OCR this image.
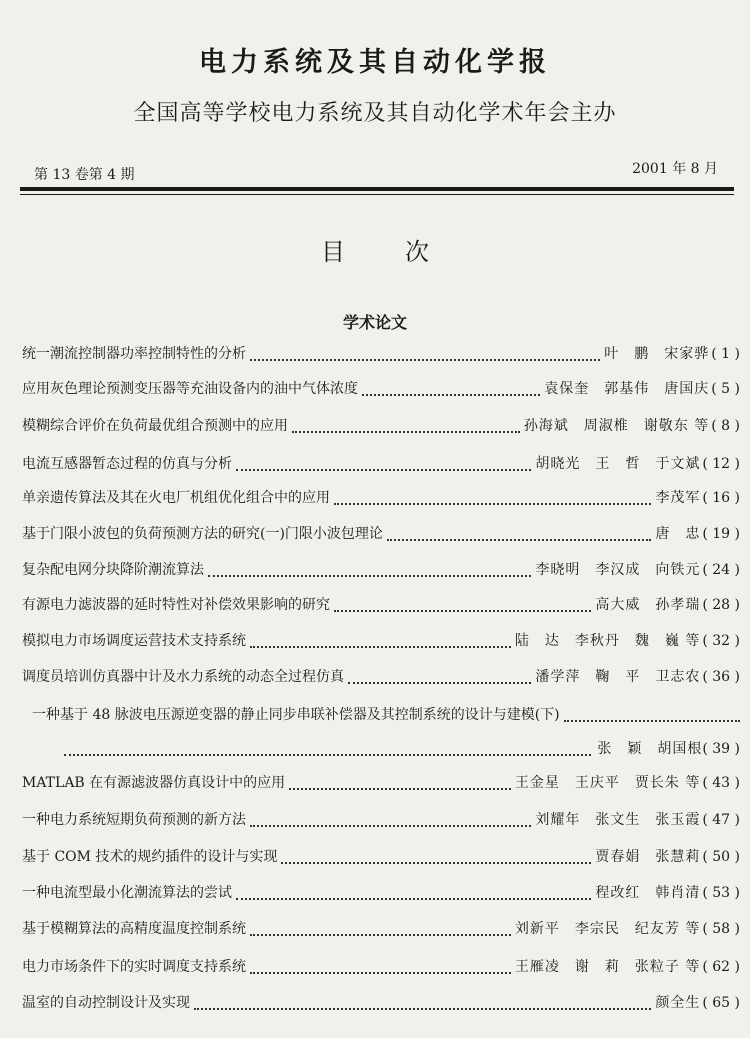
电力系统及其自动化学报
全国高等学校电力系统及其自动化学术年会主办
第 13 卷第 4 期	2001 年 8 月
目次
学术论文
统一潮流控制器功率控制特性的分析	叶　鹏　宋家骅 ( 1 )
应用灰色理论预测变压器等充油设备内的油中气体浓度	袁保奎　郭基伟　唐国庆 ( 5 )
模糊综合评价在负荷最优组合预测中的应用	孙海斌　周淑椎　谢敬东 等 ( 8 )
电流互感器暂态过程的仿真与分析	胡晓光　王　哲　于文斌 ( 12 )
单亲遗传算法及其在火电厂机组优化组合中的应用	李茂军 ( 16 )
基于门限小波包的负荷预测方法的研究(一)门限小波包理论	唐　忠 ( 19 )
复杂配电网分块降阶潮流算法	李晓明　李汉成　向铁元 ( 24 )
有源电力滤波器的延时特性对补偿效果影响的研究	高大威　孙孝瑞 ( 28 )
模拟电力市场调度运营技术支持系统	陆　达　李秋丹　魏　巍 等 ( 32 )
调度员培训仿真器中计及水力系统的动态全过程仿真	潘学萍　鞠　平　卫志农 ( 36 )
一种基于 48 脉波电压源逆变器的静止同步串联补偿器及其控制系统的设计与建模(下)
张　颖　胡国根 ( 39 )
MATLAB 在有源滤波器仿真设计中的应用	王金星　王庆平　贾长朱 等 ( 43 )
一种电力系统短期负荷预测的新方法	刘耀年　张文生　张玉霞 ( 47 )
基于 COM 技术的规约插件的设计与实现	贾春娟　张慧莉 ( 50 )
一种电流型最小化潮流算法的尝试	程改红　韩肖清 ( 53 )
基于模糊算法的高精度温度控制系统	刘新平　李宗民　纪友芳 等 ( 58 )
电力市场条件下的实时调度支持系统	王雁凌　谢　莉　张粒子 等 ( 62 )
温室的自动控制设计及实现	颜全生 ( 65 )
